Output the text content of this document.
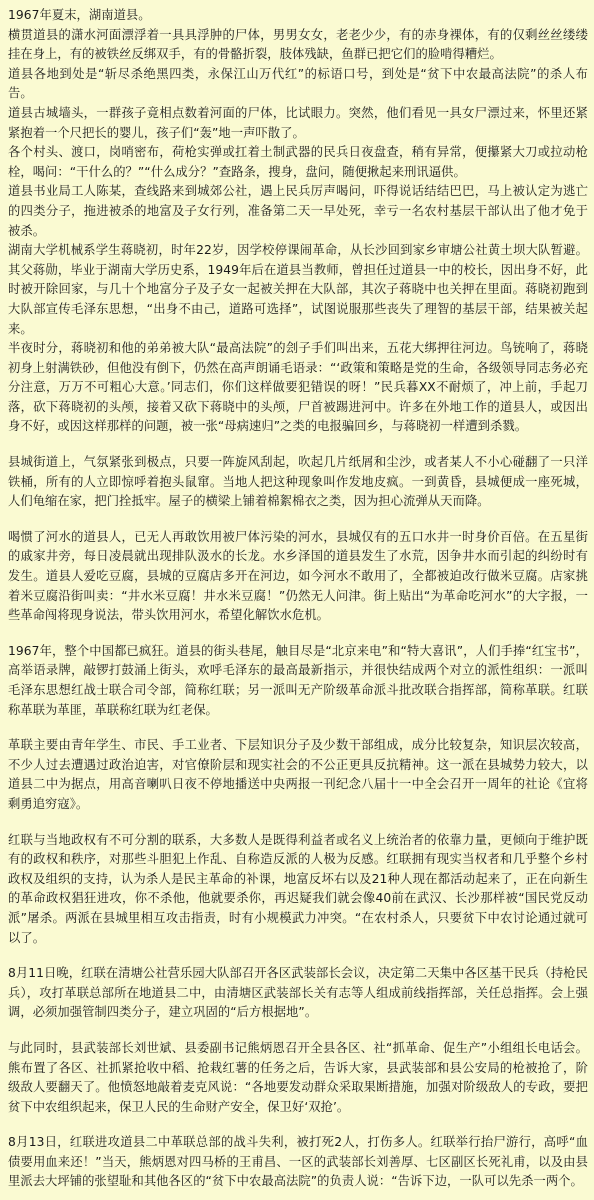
1967年夏末，湖南道县。

横贯道县的潇水河面漂浮着一具具浮肿的尸体，男男女女，老老少少，有的赤身裸体，有的仅剩丝丝缕缕挂在身上，有的被铁丝反绑双手，有的骨骼折裂，肢体残缺，鱼群已把它们的脸啃得糟烂。

道县各地到处是“斩尽杀绝黑四类，永保江山万代红”的标语口号，到处是“贫下中农最高法院”的杀人布告。

道县古城墙头，一群孩子竟相点数着河面的尸体，比试眼力。突然，他们看见一具女尸漂过来，怀里还紧紧抱着一个尺把长的婴儿，孩子们“轰”地一声吓散了。

各个村头、渡口，岗哨密布，荷枪实弹或扛着土制武器的民兵日夜盘查，稍有异常，便攥紧大刀或拉动枪栓，喝问：“干什么的？”“什么成分？”查路条，搜身，盘问，随便揪起来刑讯逼供。

道县书业局工人陈某，查线路来到城郊公社，遇上民兵厉声喝问，吓得说话结结巴巴，马上被认定为逃亡的四类分子，拖进被杀的地富及子女行列，准备第二天一早处死，幸亏一名农村基层干部认出了他才免于被杀。

湖南大学机械系学生蒋晓初，时年22岁，因学校停课闹革命，从长沙回到家乡审塘公社黄土坝大队暂避。其父蒋勋，毕业于湖南大学历史系，1949年后在道县当教师，曾担任过道县一中的校长，因出身不好，此时被开除回家，与几十个地富分子及子女一起被关押在大队部，其次子蒋晓中也关押在里面。蒋晓初跑到大队部宣传毛泽东思想，“出身不由己，道路可选择”，试图说服那些丧失了理智的基层干部，结果被关起来。

半夜时分，蒋晓初和他的弟弟被大队“最高法院”的刽子手们叫出来，五花大绑押往河边。鸟铳响了，蒋晓初身上射满铁砂，但他没有倒下，仍然在高声朗诵毛语录：“‘政策和策略是党的生命，各级领导同志务必充分注意，万万不可粗心大意。’同志们，你们这样做要犯错误的呀！”民兵暮XX不耐烦了，冲上前，手起刀落，砍下蒋晓初的头颅，接着又砍下蒋晓中的头颅，尸首被踢进河中。许多在外地工作的道县人，或因出身不好，或因这样那样的问题，被一张“母病速归”之类的电报骗回乡，与蒋晓初一样遭到杀戮。

县城街道上，气氛紧张到极点，只要一阵旋风刮起，吹起几片纸屑和尘沙，或者某人不小心碰翻了一只洋铁桶，所有的人立即惊呼着抱头鼠窜。当地人把这种现象叫作发地皮疯。一到黄昏，县城便成一座死城，人们龟缩在家，把门拴抵牢。屋子的横梁上铺着棉絮棉衣之类，因为担心流弹从天而降。

喝惯了河水的道县人，已无人再敢饮用被尸体污染的河水，县城仅有的五口水井一时身价百倍。在五星街的戚家井旁，每日凌晨就出现排队汲水的长龙。水乡泽国的道县发生了水荒，因争井水而引起的纠纷时有发生。道县人爱吃豆腐，县城的豆腐店多开在河边，如今河水不敢用了，全都被迫改行做米豆腐。店家挑着米豆腐沿街叫卖：“井水米豆腐！井水米豆腐！”仍然无人问津。街上贴出“为革命吃河水”的大字报，一些革命闯将现身说法，带头饮用河水，希望化解饮水危机。

1967年，整个中国都已疯狂。道县的街头巷尾，触目尽是“北京来电”和“特大喜讯”，人们手捧“红宝书”，高举语录牌，敲锣打鼓涌上街头，欢呼毛泽东的最高最新指示，并很快结成两个对立的派性组织：一派叫毛泽东思想红战士联合司令部，简称红联；另一派叫无产阶级革命派斗批改联合指挥部，简称革联。红联称革联为革匪，革联称红联为红老保。

革联主要由青年学生、市民、手工业者、下层知识分子及少数干部组成，成分比较复杂，知识层次较高，不少人过去遭遇过政治迫害，对官僚阶层和现实社会的不公正更具反抗精神。这一派在县城势力较大，以道县二中为据点，用高音喇叭日夜不停地播送中央两报一刊纪念八届十一中全会召开一周年的社论《宜将剩勇追穷寇》。

红联与当地政权有不可分割的联系，大多数人是既得利益者或名义上统治者的依靠力量，更倾向于维护既有的政权和秩序，对那些斗胆犯上作乱、自称造反派的人极为反感。红联拥有现实当权者和几乎整个乡村政权及组织的支持，认为杀人是民主革命的补课，地富反坏右以及21种人现在都活动起来了，正在向新生的革命政权猖狂进攻，你不杀他，他就要杀你，再迟疑我们就会像40前在武汉、长沙那样被“国民党反动派”屠杀。两派在县城里相互攻击指责，时有小规模武力冲突。“在农村杀人，只要贫下中农讨论通过就可以了。

8月11日晚，红联在清塘公社营乐园大队部召开各区武装部长会议，决定第二天集中各区基干民兵（持枪民兵），攻打革联总部所在地道县二中，由清塘区武装部长关有志等人组成前线指挥部，关任总指挥。会上强调，必须加强管制四类分子，建立巩固的“后方根据地”。

与此同时，县武装部长刘世斌、县委副书记熊炳恩召开全县各区、社“抓革命、促生产”小组组长电话会。熊布置了各区、社抓紧抢收中稻、抢栽红薯的任务之后，告诉大家，县武装部和县公安局的枪被抢了，阶级敌人要翻天了。他愤怒地敲着麦克风说：“各地要发动群众采取果断措施，加强对阶级敌人的专政，要把贫下中农组织起来，保卫人民的生命财产安全，保卫好‘双抢’。

8月13日，红联进攻道县二中革联总部的战斗失利，被打死2人，打伤多人。红联举行抬尸游行，高呼“血债要用血来还！”当天，熊炳恩对四马桥的王甫昌、一区的武装部长刘善厚、七区副区长死礼甫，以及由县里派去大坪铺的张望耻和其他各区的“贫下中农最高法院”的负责人说：“告诉下边，一队可以先杀一两个。
